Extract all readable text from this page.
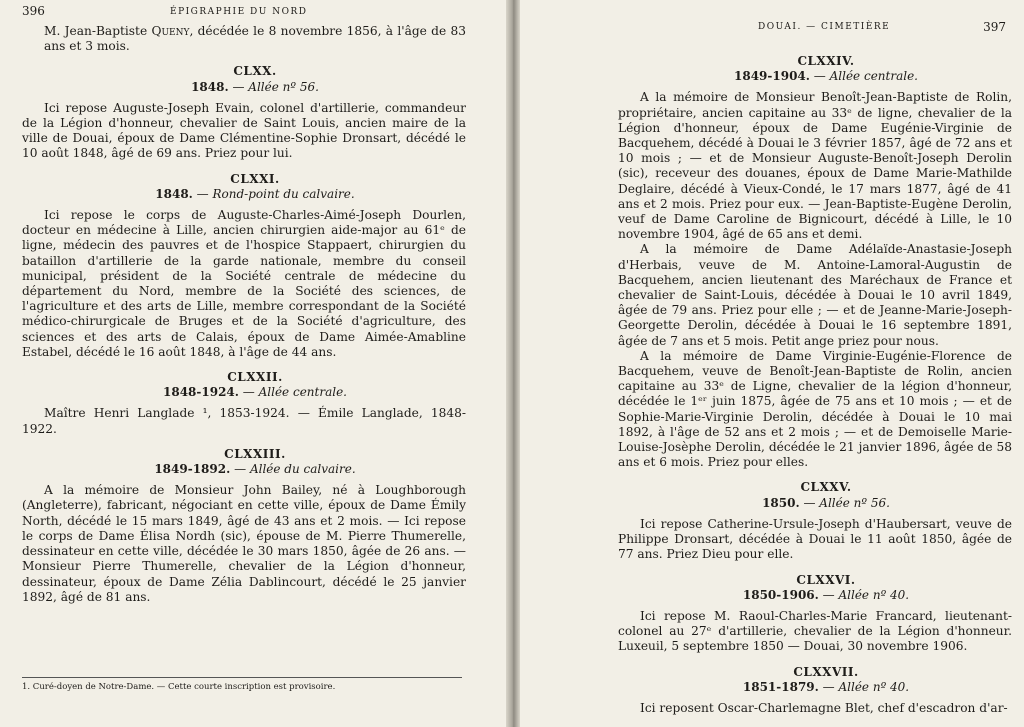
396	ÉPIGRAPHIE DU NORD

M. Jean-Baptiste Queny, décédée le 8 novembre 1856, à l'âge de 83 ans et 3 mois.

CLXX.

1848. — Allée nº 56.

Ici repose Auguste-Joseph Evain, colonel d'artillerie, commandeur de la Légion d'honneur, chevalier de Saint Louis, ancien maire de la ville de Douai, époux de Dame Clémentine-Sophie Dronsart, décédé le 10 août 1848, âgé de 69 ans. Priez pour lui.

CLXXI.

1848. — Rond-point du calvaire.

Ici repose le corps de Auguste-Charles-Aimé-Joseph Dourlen, docteur en médecine à Lille, ancien chirurgien aide-major au 61ᵉ de ligne, médecin des pauvres et de l'hospice Stappaert, chirurgien du bataillon d'artillerie de la garde nationale, membre du conseil municipal, président de la Société centrale de médecine du département du Nord, membre de la Société des sciences, de l'agriculture et des arts de Lille, membre correspondant de la Société médico-chirurgicale de Bruges et de la Société d'agriculture, des sciences et des arts de Calais, époux de Dame Aimée-Amabline Estabel, décédé le 16 août 1848, à l'âge de 44 ans.

CLXXII.

1848-1924. — Allée centrale.

Maître Henri Langlade ¹, 1853-1924. — Émile Langlade, 1848-1922.

CLXXIII.

1849-1892. — Allée du calvaire.

A la mémoire de Monsieur John Bailey, né à Loughborough (Angleterre), fabricant, négociant en cette ville, époux de Dame Émily North, décédé le 15 mars 1849, âgé de 43 ans et 2 mois. — Ici repose le corps de Dame Élisa Nordh (sic), épouse de M. Pierre Thumerelle, dessinateur en cette ville, décédée le 30 mars 1850, âgée de 26 ans. — Monsieur Pierre Thumerelle, chevalier de la Légion d'honneur, dessinateur, époux de Dame Zélia Dablincourt, décédé le 25 janvier 1892, âgé de 81 ans.

1. Curé-doyen de Notre-Dame. — Cette courte inscription est provisoire.
DOUAI. — CIMETIÈRE	397

CLXXIV.

1849-1904. — Allée centrale.

A la mémoire de Monsieur Benoît-Jean-Baptiste de Rolin, propriétaire, ancien capitaine au 33ᵉ de ligne, chevalier de la Légion d'honneur, époux de Dame Eugénie-Virginie de Bacquehem, décédé à Douai le 3 février 1857, âgé de 72 ans et 10 mois ; — et de Monsieur Auguste-Benoît-Joseph Derolin (sic), receveur des douanes, époux de Dame Marie-Mathilde Deglaire, décédé à Vieux-Condé, le 17 mars 1877, âgé de 41 ans et 2 mois. Priez pour eux. — Jean-Baptiste-Eugène Derolin, veuf de Dame Caroline de Bignicourt, décédé à Lille, le 10 novembre 1904, âgé de 65 ans et demi.

A la mémoire de Dame Adélaïde-Anastasie-Joseph d'Herbais, veuve de M. Antoine-Lamoral-Augustin de Bacquehem, ancien lieutenant des Maréchaux de France et chevalier de Saint-Louis, décédée à Douai le 10 avril 1849, âgée de 79 ans. Priez pour elle ; — et de Jeanne-Marie-Joseph-Georgette Derolin, décédée à Douai le 16 septembre 1891, âgée de 7 ans et 5 mois. Petit ange priez pour nous.

A la mémoire de Dame Virginie-Eugénie-Florence de Bacquehem, veuve de Benoît-Jean-Baptiste de Rolin, ancien capitaine au 33ᵉ de Ligne, chevalier de la légion d'honneur, décédée le 1ᵉʳ juin 1875, âgée de 75 ans et 10 mois ; — et de Sophie-Marie-Virginie Derolin, décédée à Douai le 10 mai 1892, à l'âge de 52 ans et 2 mois ; — et de Demoiselle Marie-Louise-Josèphe Derolin, décédée le 21 janvier 1896, âgée de 58 ans et 6 mois. Priez pour elles.

CLXXV.

1850. — Allée nº 56.

Ici repose Catherine-Ursule-Joseph d'Haubersart, veuve de Philippe Dronsart, décédée à Douai le 11 août 1850, âgée de 77 ans. Priez Dieu pour elle.

CLXXVI.

1850-1906. — Allée nº 40.

Ici repose M. Raoul-Charles-Marie Francard, lieutenant-colonel au 27ᵉ d'artillerie, chevalier de la Légion d'honneur. Luxeuil, 5 septembre 1850 — Douai, 30 novembre 1906.

CLXXVII.

1851-1879. — Allée nº 40.

Ici reposent Oscar-Charlemagne Blet, chef d'escadron d'ar-
